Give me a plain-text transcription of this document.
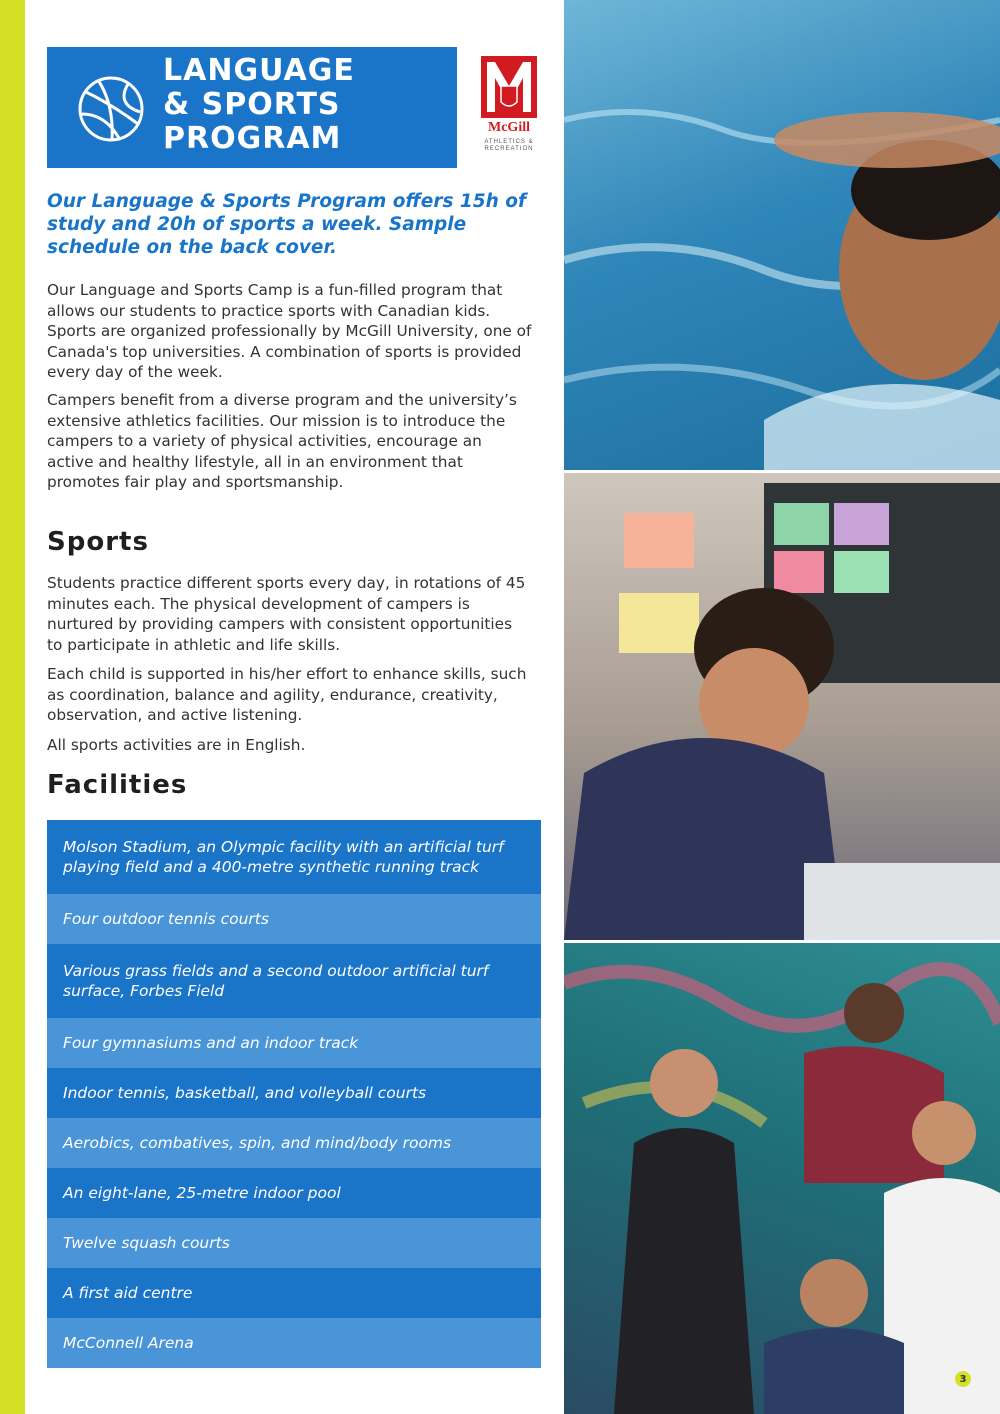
LANGUAGE
& SPORTS
PROGRAM	McGill
ATHLETICS &
RECREATION

Our Language & Sports Program offers 15h of study and 20h of sports a week. Sample schedule on the back cover.

Our Language and Sports Camp is a fun-filled program that allows our students to practice sports with Canadian kids. Sports are organized professionally by McGill University, one of Canada's top universities. A combination of sports is provided every day of the week.

Campers benefit from a diverse program and the university’s extensive athletics facilities. Our mission is to introduce the campers to a variety of physical activities, encourage an active and healthy lifestyle, all in an environment that promotes fair play and sportsmanship.

Sports

Students practice different sports every day, in rotations of 45 minutes each. The physical development of campers is nurtured by providing campers with consistent opportunities to participate in athletic and life skills.

Each child is supported in his/her effort to enhance skills, such as coordination, balance and agility, endurance, creativity, observation, and active listening.

All sports activities are in English.

Facilities
Molson Stadium, an Olympic facility with an artificial turf playing field and a 400-metre synthetic running track
Four outdoor tennis courts
Various grass fields and a second outdoor artificial turf surface, Forbes Field
Four gymnasiums and an indoor track
Indoor tennis, basketball, and volleyball courts
Aerobics, combatives, spin, and mind/body rooms
An eight-lane, 25-metre indoor pool
Twelve squash courts
A first aid centre
McConnell Arena
3
